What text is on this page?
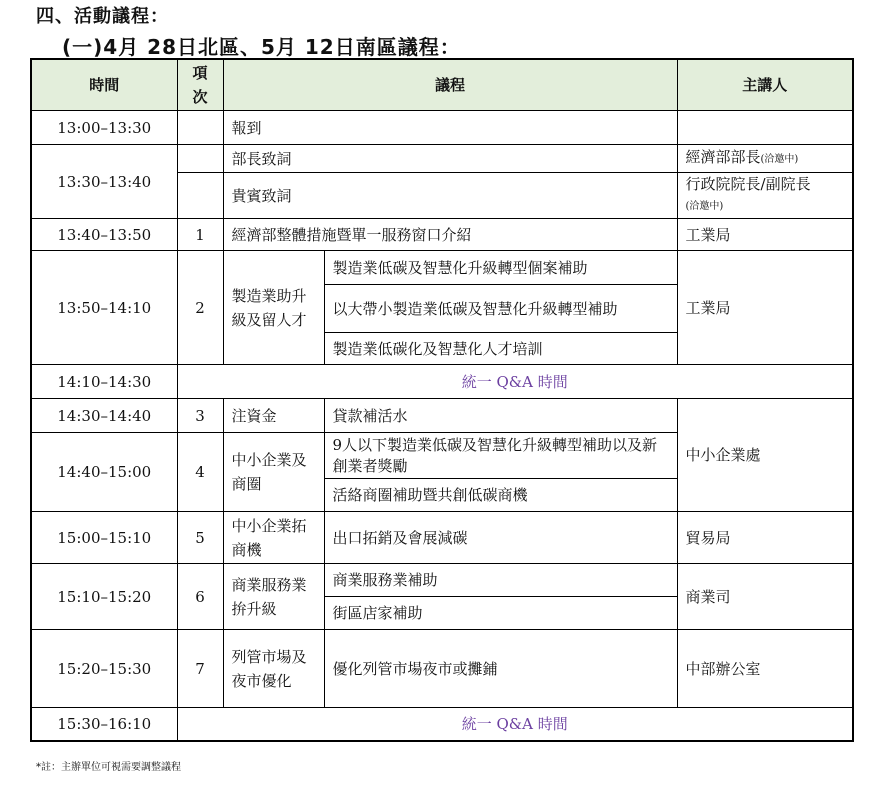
四、活動議程：
(一)4月 28日北區、5月 12日南區議程：
時間	項次	議程		主講人
13:00–13:30		報到		
13:30–13:40		部長致詞		經濟部部長(洽邀中)
		貴賓致詞		行政院院長/副院長
(洽邀中)
13:40–13:50	1	經濟部整體措施暨單一服務窗口介紹		工業局
13:50–14:10	2	製造業助升級及留人才	製造業低碳及智慧化升級轉型個案補助	工業局
			以大帶小製造業低碳及智慧化升級轉型補助	
			製造業低碳化及智慧化人才培訓	
14:10–14:30	統一 Q&A 時間			
14:30–14:40	3	注資金	貸款補活水	中小企業處
14:40–15:00	4	中小企業及商圈	9人以下製造業低碳及智慧化升級轉型補助以及新創業者獎勵	
			活絡商圈補助暨共創低碳商機	
15:00–15:10	5	中小企業拓商機	出口拓銷及會展減碳	貿易局
15:10–15:20	6	商業服務業拚升級	商業服務業補助	商業司
			街區店家補助	
15:20–15:30	7	列管市場及夜市優化	優化列管市場夜市或攤鋪	中部辦公室
15:30–16:10	統一 Q&A 時間			
*註：主辦單位可視需要調整議程
